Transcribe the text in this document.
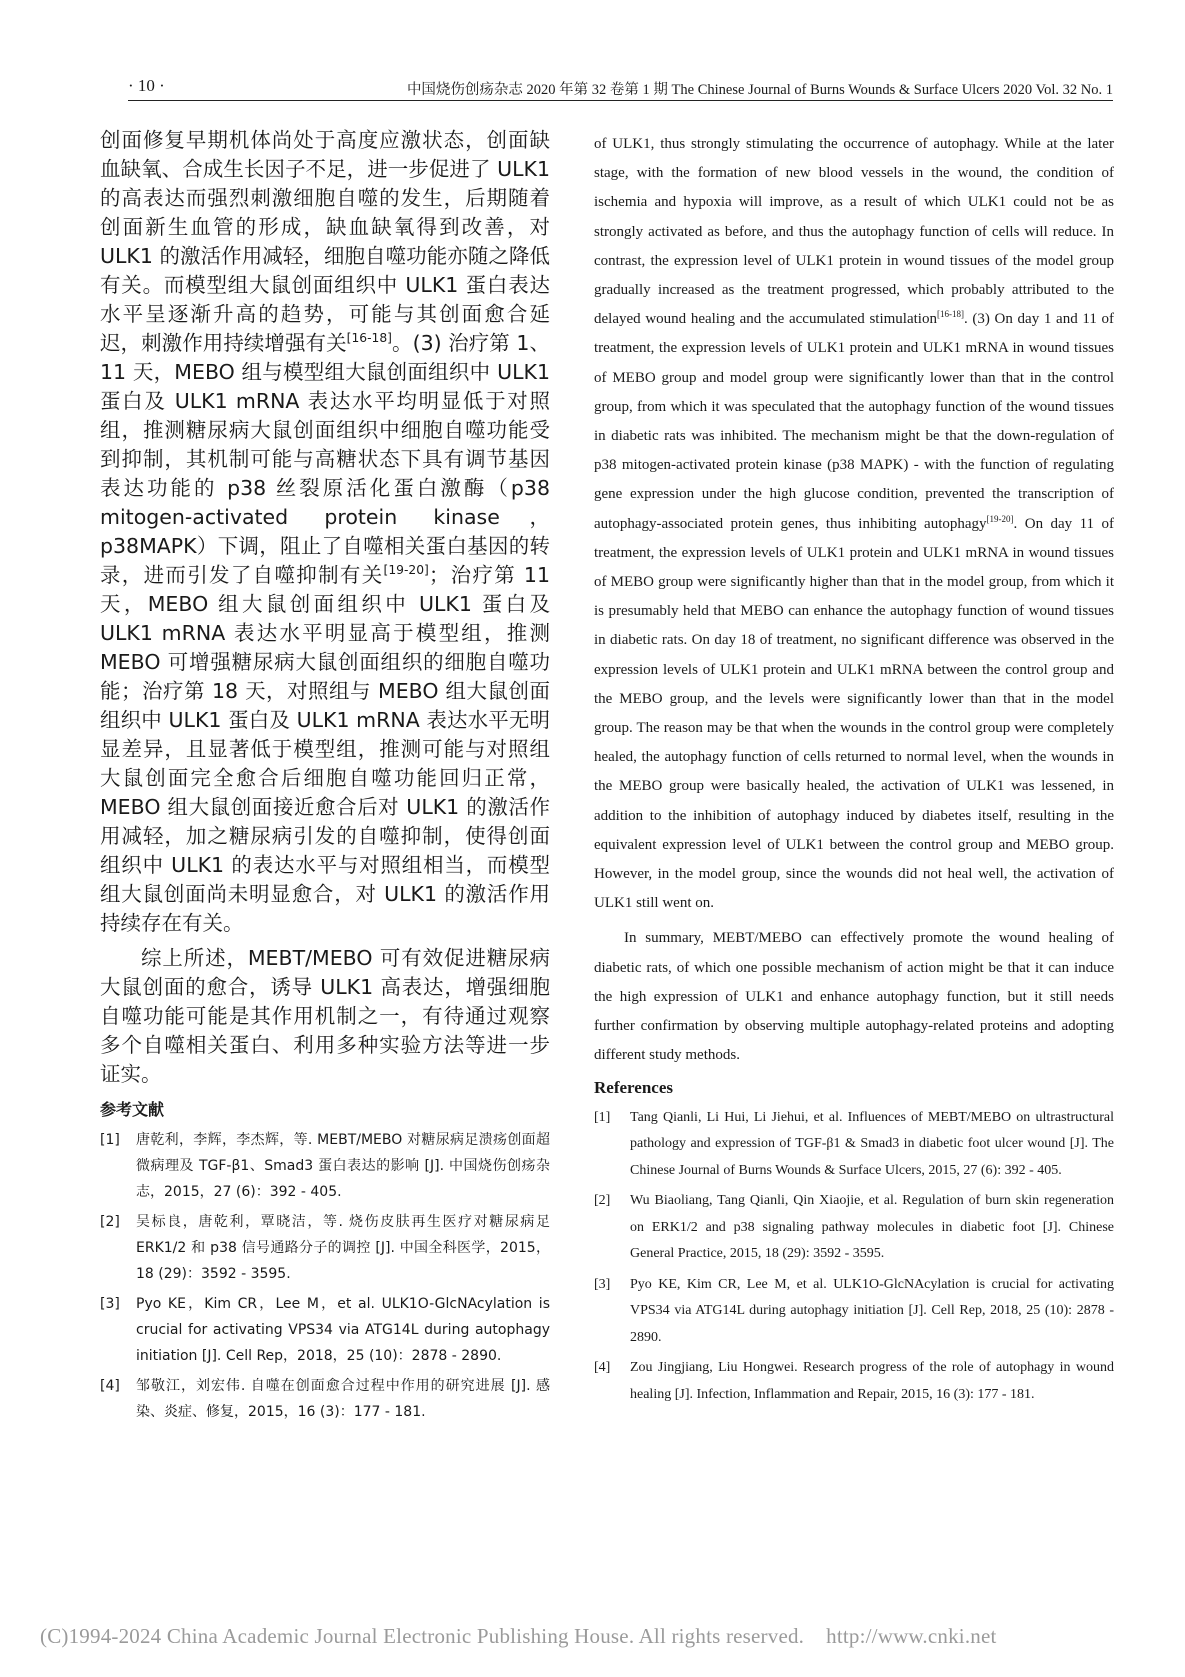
· 10 ·	中国烧伤创疡杂志 2020 年第 32 卷第 1 期 The Chinese Journal of Burns Wounds & Surface Ulcers 2020 Vol. 32 No. 1

创面修复早期机体尚处于高度应激状态，创面缺血缺氧、合成生长因子不足，进一步促进了 ULK1 的高表达而强烈刺激细胞自噬的发生，后期随着创面新生血管的形成，缺血缺氧得到改善，对 ULK1 的激活作用减轻，细胞自噬功能亦随之降低有关。而模型组大鼠创面组织中 ULK1 蛋白表达水平呈逐渐升高的趋势，可能与其创面愈合延迟，刺激作用持续增强有关[16-18]。(3) 治疗第 1、11 天，MEBO 组与模型组大鼠创面组织中 ULK1 蛋白及 ULK1 mRNA 表达水平均明显低于对照组，推测糖尿病大鼠创面组织中细胞自噬功能受到抑制，其机制可能与高糖状态下具有调节基因表达功能的 p38 丝裂原活化蛋白激酶（p38 mitogen-activated protein kinase，p38MAPK）下调，阻止了自噬相关蛋白基因的转录，进而引发了自噬抑制有关[19-20]；治疗第 11 天，MEBO 组大鼠创面组织中 ULK1 蛋白及 ULK1 mRNA 表达水平明显高于模型组，推测 MEBO 可增强糖尿病大鼠创面组织的细胞自噬功能；治疗第 18 天，对照组与 MEBO 组大鼠创面组织中 ULK1 蛋白及 ULK1 mRNA 表达水平无明显差异，且显著低于模型组，推测可能与对照组大鼠创面完全愈合后细胞自噬功能回归正常，MEBO 组大鼠创面接近愈合后对 ULK1 的激活作用减轻，加之糖尿病引发的自噬抑制，使得创面组织中 ULK1 的表达水平与对照组相当，而模型组大鼠创面尚未明显愈合，对 ULK1 的激活作用持续存在有关。

综上所述，MEBT/MEBO 可有效促进糖尿病大鼠创面的愈合，诱导 ULK1 高表达，增强细胞自噬功能可能是其作用机制之一，有待通过观察多个自噬相关蛋白、利用多种实验方法等进一步证实。

参考文献
[1]	唐乾利，李辉，李杰辉，等. MEBT/MEBO 对糖尿病足溃疡创面超微病理及 TGF-β1、Smad3 蛋白表达的影响 [J]. 中国烧伤创疡杂志，2015，27 (6)：392 - 405.
[2]	吴标良，唐乾利，覃晓洁，等. 烧伤皮肤再生医疗对糖尿病足 ERK1/2 和 p38 信号通路分子的调控 [J]. 中国全科医学，2015，18 (29)：3592 - 3595.
[3]	Pyo KE，Kim CR，Lee M，et al. ULK1O-GlcNAcylation is crucial for activating VPS34 via ATG14L during autophagy initiation [J]. Cell Rep，2018，25 (10)：2878 - 2890.
[4]	邹敬江，刘宏伟. 自噬在创面愈合过程中作用的研究进展 [J]. 感染、炎症、修复，2015，16 (3)：177 - 181.

of ULK1, thus strongly stimulating the occurrence of autophagy. While at the later stage, with the formation of new blood vessels in the wound, the condition of ischemia and hypoxia will improve, as a result of which ULK1 could not be as strongly activated as before, and thus the autophagy function of cells will reduce. In contrast, the expression level of ULK1 protein in wound tissues of the model group gradually increased as the treatment progressed, which probably attributed to the delayed wound healing and the accumulated stimulation[16-18]. (3) On day 1 and 11 of treatment, the expression levels of ULK1 protein and ULK1 mRNA in wound tissues of MEBO group and model group were significantly lower than that in the control group, from which it was speculated that the autophagy function of the wound tissues in diabetic rats was inhibited. The mechanism might be that the down-regulation of p38 mitogen-activated protein kinase (p38 MAPK) - with the function of regulating gene expression under the high glucose condition, prevented the transcription of autophagy-associated protein genes, thus inhibiting autophagy[19-20]. On day 11 of treatment, the expression levels of ULK1 protein and ULK1 mRNA in wound tissues of MEBO group were significantly higher than that in the model group, from which it is presumably held that MEBO can enhance the autophagy function of wound tissues in diabetic rats. On day 18 of treatment, no significant difference was observed in the expression levels of ULK1 protein and ULK1 mRNA between the control group and the MEBO group, and the levels were significantly lower than that in the model group. The reason may be that when the wounds in the control group were completely healed, the autophagy function of cells returned to normal level, when the wounds in the MEBO group were basically healed, the activation of ULK1 was lessened, in addition to the inhibition of autophagy induced by diabetes itself, resulting in the equivalent expression level of ULK1 between the control group and MEBO group. However, in the model group, since the wounds did not heal well, the activation of ULK1 still went on.

In summary, MEBT/MEBO can effectively promote the wound healing of diabetic rats, of which one possible mechanism of action might be that it can induce the high expression of ULK1 and enhance autophagy function, but it still needs further confirmation by observing multiple autophagy-related proteins and adopting different study methods.

References
[1]	Tang Qianli, Li Hui, Li Jiehui, et al. Influences of MEBT/MEBO on ultrastructural pathology and expression of TGF-β1 & Smad3 in diabetic foot ulcer wound [J]. The Chinese Journal of Burns Wounds & Surface Ulcers, 2015, 27 (6): 392 - 405.
[2]	Wu Biaoliang, Tang Qianli, Qin Xiaojie, et al. Regulation of burn skin regeneration on ERK1/2 and p38 signaling pathway molecules in diabetic foot [J]. Chinese General Practice, 2015, 18 (29): 3592 - 3595.
[3]	Pyo KE, Kim CR, Lee M, et al. ULK1O-GlcNAcylation is crucial for activating VPS34 via ATG14L during autophagy initiation [J]. Cell Rep, 2018, 25 (10): 2878 - 2890.
[4]	Zou Jingjiang, Liu Hongwei. Research progress of the role of autophagy in wound healing [J]. Infection, Inflammation and Repair, 2015, 16 (3): 177 - 181.
(C)1994-2024 China Academic Journal Electronic Publishing House. All rights reserved. http://www.cnki.net
